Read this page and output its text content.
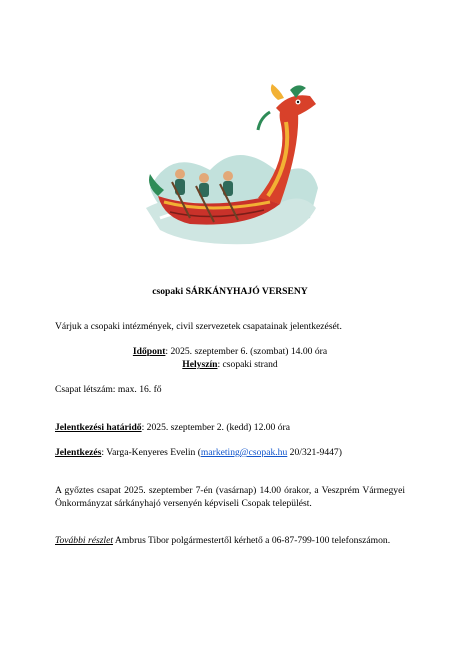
csopaki SÁRKÁNYHAJÓ VERSENY
Várjuk a csopaki intézmények, civil szervezetek csapatainak jelentkezését.
Időpont: 2025. szeptember 6. (szombat) 14.00 óra
Helyszín: csopaki strand
Csapat létszám: max. 16. fő
Jelentkezési határidő: 2025. szeptember 2. (kedd) 12.00 óra
Jelentkezés: Varga-Kenyeres Evelin (marketing@csopak.hu 20/321-9447)
A győztes csapat 2025. szeptember 7-én (vasárnap) 14.00 órakor, a Veszprém Vármegyei Önkormányzat sárkányhajó versenyén képviseli Csopak települést.
További részlet Ambrus Tibor polgármestertől kérhető a 06-87-799-100 telefonszámon.
